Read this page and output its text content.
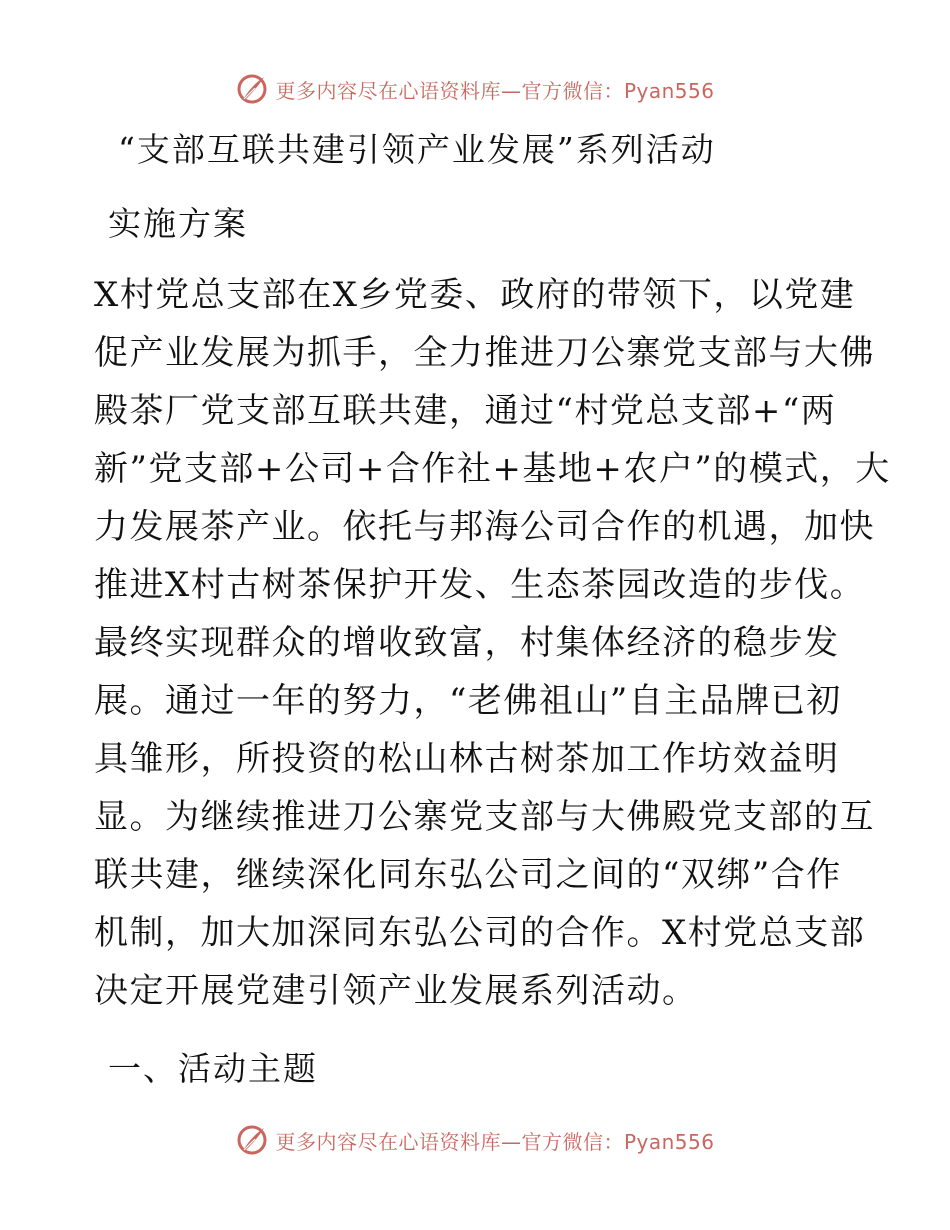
更多内容尽在心语资料库—官方微信：Pyan556
“支部互联共建引领产业发展”系列活动
实施方案
X村党总支部在X乡党委、政府的带领下，以党建
促产业发展为抓手，全力推进刀公寨党支部与大佛
殿茶厂党支部互联共建，通过“村党总支部+“两
新”党支部+公司+合作社+基地+农户”的模式，大
力发展茶产业。依托与邦海公司合作的机遇，加快
推进X村古树茶保护开发、生态茶园改造的步伐。
最终实现群众的增收致富，村集体经济的稳步发
展。通过一年的努力，“老佛祖山”自主品牌已初
具雏形，所投资的松山林古树茶加工作坊效益明
显。为继续推进刀公寨党支部与大佛殿党支部的互
联共建，继续深化同东弘公司之间的“双绑”合作
机制，加大加深同东弘公司的合作。X村党总支部
决定开展党建引领产业发展系列活动。
一、活动主题
更多内容尽在心语资料库—官方微信：Pyan556
